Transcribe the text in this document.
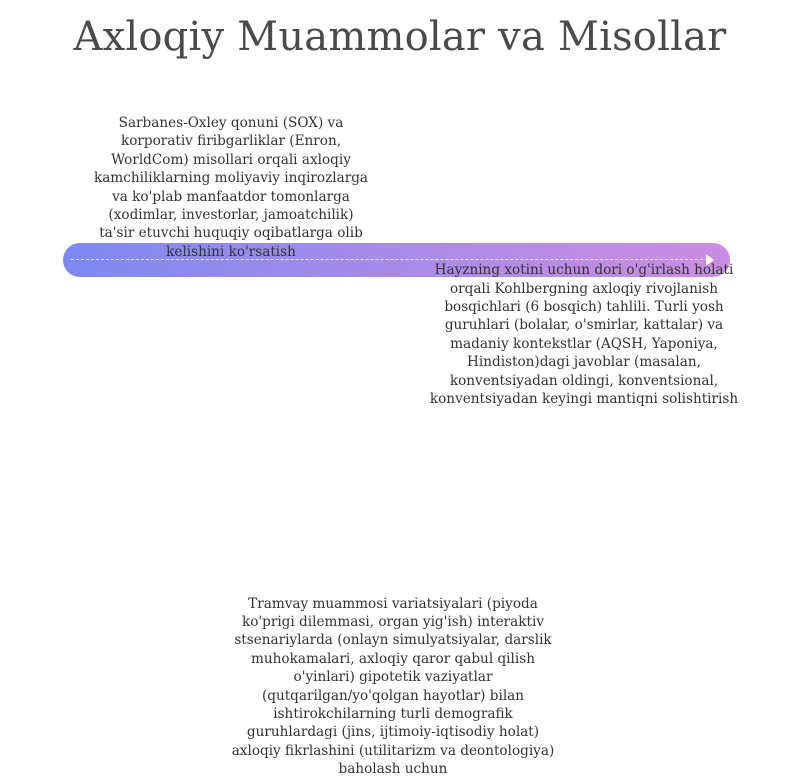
Axloqiy Muammolar va Misollar
Sarbanes-Oxley qonuni (SOX) va korporativ firibgarliklar (Enron, WorldCom) misollari orqali axloqiy kamchiliklarning moliyaviy inqirozlarga va ko'plab manfaatdor tomonlarga (xodimlar, investorlar, jamoatchilik) ta'sir etuvchi huquqiy oqibatlarga olib kelishini ko'rsatish
Hayzning xotini uchun dori o'g'irlash holati orqali Kohlbergning axloqiy rivojlanish bosqichlari (6 bosqich) tahlili. Turli yosh guruhlari (bolalar, o'smirlar, kattalar) va madaniy kontekstlar (AQSH, Yaponiya, Hindiston)dagi javoblar (masalan, konventsiyadan oldingi, konventsional, konventsiyadan keyingi mantiqni solishtirish
Tramvay muammosi variatsiyalari (piyoda ko'prigi dilemmasi, organ yig'ish) interaktiv stsenariylarda (onlayn simulyatsiyalar, darslik muhokamalari, axloqiy qaror qabul qilish o'yinlari) gipotetik vaziyatlar (qutqarilgan/yo'qolgan hayotlar) bilan ishtirokchilarning turli demografik guruhlardagi (jins, ijtimoiy-iqtisodiy holat) axloqiy fikrlashini (utilitarizm va deontologiya) baholash uchun
